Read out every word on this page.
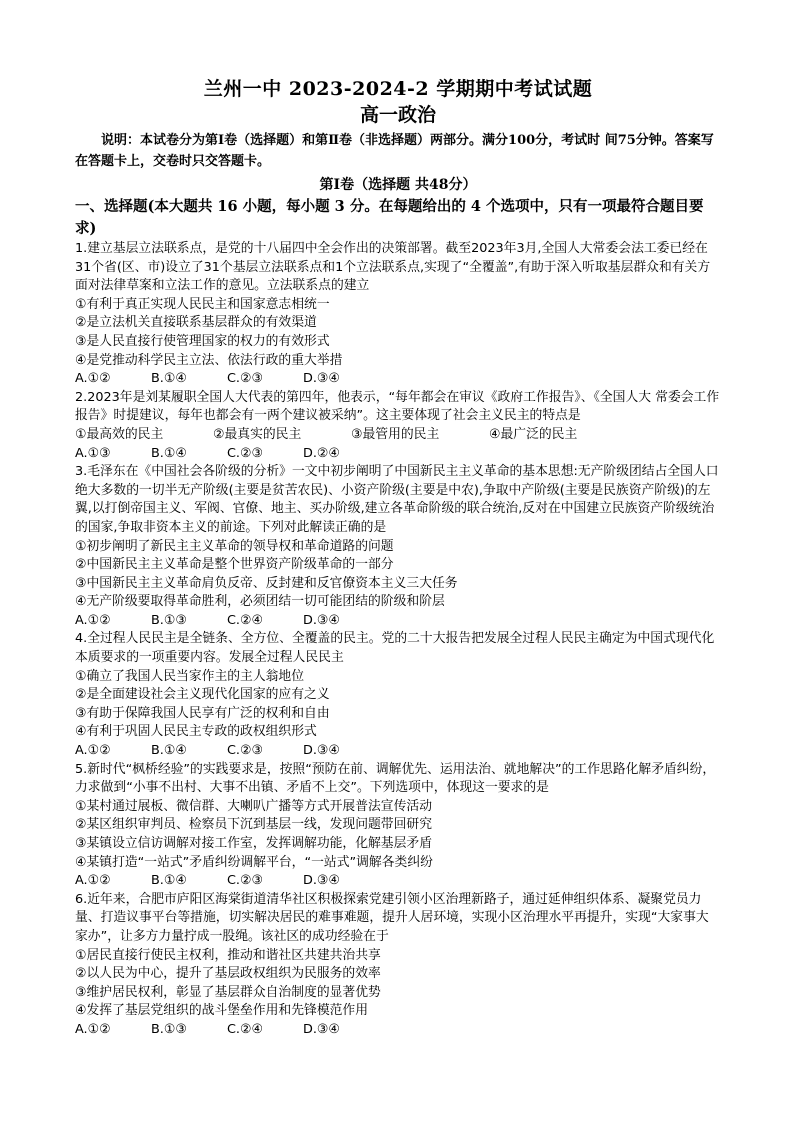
兰州一中 2023-2024-2 学期期中考试试题
高一政治

说明：本试卷分为第Ⅰ卷（选择题）和第Ⅱ卷（非选择题）两部分。满分100分，考试时 间75分钟。答案写在答题卡上，交卷时只交答题卡。

第Ⅰ卷（选择题 共48分）
一、选择题(本大题共 16 小题，每小题 3 分。在每题给出的 4 个选项中，只有一项最符合题目要求)

1.建立基层立法联系点，是党的十八届四中全会作出的决策部署。截至2023年3月,全国人大常委会法工委已经在31个省(区、市)设立了31个基层立法联系点和1个立法联系点,实现了“全覆盖”,有助于深入听取基层群众和有关方面对法律草案和立法工作的意见。立法联系点的建立

①有利于真正实现人民民主和国家意志相统一

②是立法机关直接联系基层群众的有效渠道

③是人民直接行使管理国家的权力的有效形式

④是党推动科学民主立法、依法行政的重大举措

A.①②	B.①④	C.②③	D.③④

2.2023年是刘某履职全国人大代表的第四年，他表示，“每年都会在审议《政府工作报告》、《全国人大 常委会工作报告》时提建议，每年也都会有一两个建议被采纳”。这主要体现了社会主义民主的特点是

①最高效的民主	②最真实的民主	③最管用的民主	④最广泛的民主
A.①③	B.①④	C.②③	D.②④

3.毛泽东在《中国社会各阶级的分析》一文中初步阐明了中国新民主主义革命的基本思想:无产阶级团结占全国人口绝大多数的一切半无产阶级(主要是贫苦农民)、小资产阶级(主要是中农),争取中产阶级(主要是民族资产阶级)的左翼,以打倒帝国主义、军阀、官僚、地主、买办阶级,建立各革命阶级的联合统治,反对在中国建立民族资产阶级统治的国家,争取非资本主义的前途。下列对此解读正确的是

①初步阐明了新民主主义革命的领导权和革命道路的问题

②中国新民主主义革命是整个世界资产阶级革命的一部分

③中国新民主主义革命肩负反帝、反封建和反官僚资本主义三大任务

④无产阶级要取得革命胜利，必须团结一切可能团结的阶级和阶层

A.①②	B.①③	C.②④	D.③④

4.全过程人民民主是全链条、全方位、全覆盖的民主。党的二十大报告把发展全过程人民民主确定为中国式现代化本质要求的一项重要内容。发展全过程人民民主

①确立了我国人民当家作主的主人翁地位

②是全面建设社会主义现代化国家的应有之义

③有助于保障我国人民享有广泛的权利和自由

④有利于巩固人民民主专政的政权组织形式

A.①②	B.①④	C.②③	D.③④

5.新时代“枫桥经验”的实践要求是，按照“预防在前、调解优先、运用法治、就地解决”的工作思路化解矛盾纠纷，力求做到“小事不出村、大事不出镇、矛盾不上交”。下列选项中，体现这一要求的是

①某村通过展板、微信群、大喇叭广播等方式开展普法宣传活动

②某区组织审判员、检察员下沉到基层一线，发现问题带回研究

③某镇设立信访调解对接工作室，发挥调解功能，化解基层矛盾

④某镇打造“一站式”矛盾纠纷调解平台，“一站式”调解各类纠纷

A.①②	B.①④	C.②③	D.③④

6.近年来，合肥市庐阳区海棠街道清华社区积极探索党建引领小区治理新路子，通过延伸组织体系、凝聚党员力量、打造议事平台等措施，切实解决居民的难事难题，提升人居环境，实现小区治理水平再提升，实现“大家事大家办”，让多方力量拧成一股绳。该社区的成功经验在于

①居民直接行使民主权利，推动和谐社区共建共治共享

②以人民为中心，提升了基层政权组织为民服务的效率

③维护居民权利，彰显了基层群众自治制度的显著优势

④发挥了基层党组织的战斗堡垒作用和先锋模范作用

A.①②	B.①③	C.②④	D.③④
